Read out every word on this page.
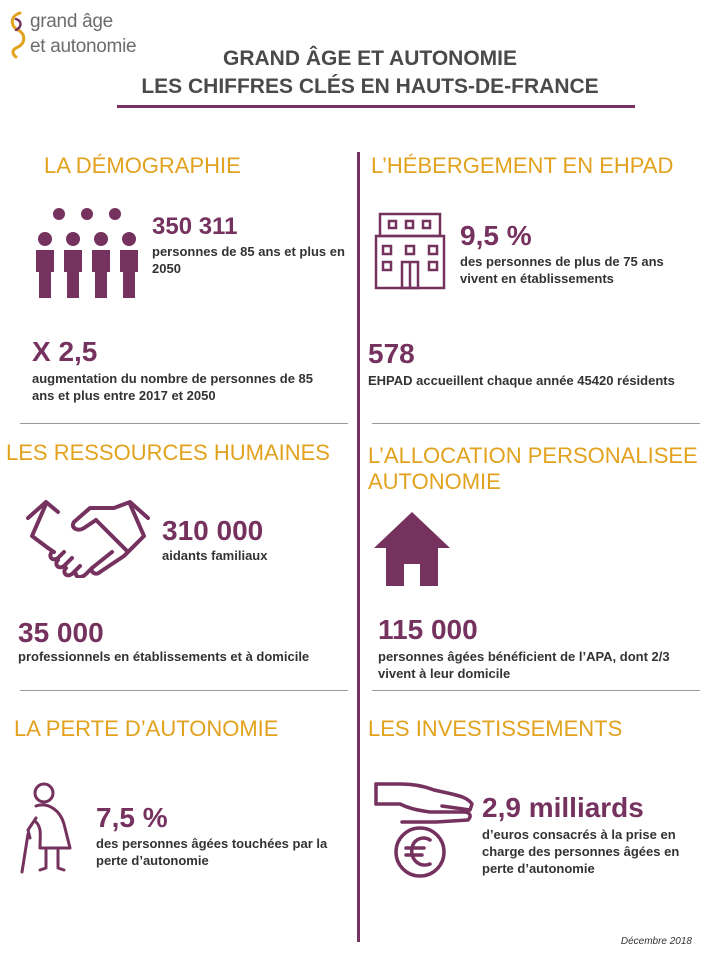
grand âge
et autonomie
GRAND ÂGE ET AUTONOMIE
LES CHIFFRES CLÉS EN HAUTS-DE-FRANCE
LA DÉMOGRAPHIE
350 311
personnes de 85 ans et plus en 2050
X 2,5
augmentation du nombre de personnes de 85 ans et plus entre 2017 et 2050
LES RESSOURCES HUMAINES
310 000
aidants familiaux
35 000
professionnels en établissements et à domicile
LA PERTE D’AUTONOMIE
7,5 %
des personnes âgées touchées par la perte d’autonomie
L’HÉBERGEMENT EN EHPAD
9,5 %
des personnes de plus de 75 ans vivent en établissements
578
EHPAD accueillent chaque année 45420 résidents
L’ALLOCATION PERSONALISEE
AUTONOMIE
115 000
personnes âgées bénéficient de l’APA, dont 2/3 vivent à leur domicile
LES INVESTISSEMENTS
2,9 milliards
d’euros consacrés à la prise en charge des personnes âgées en perte d’autonomie
Décembre 2018
